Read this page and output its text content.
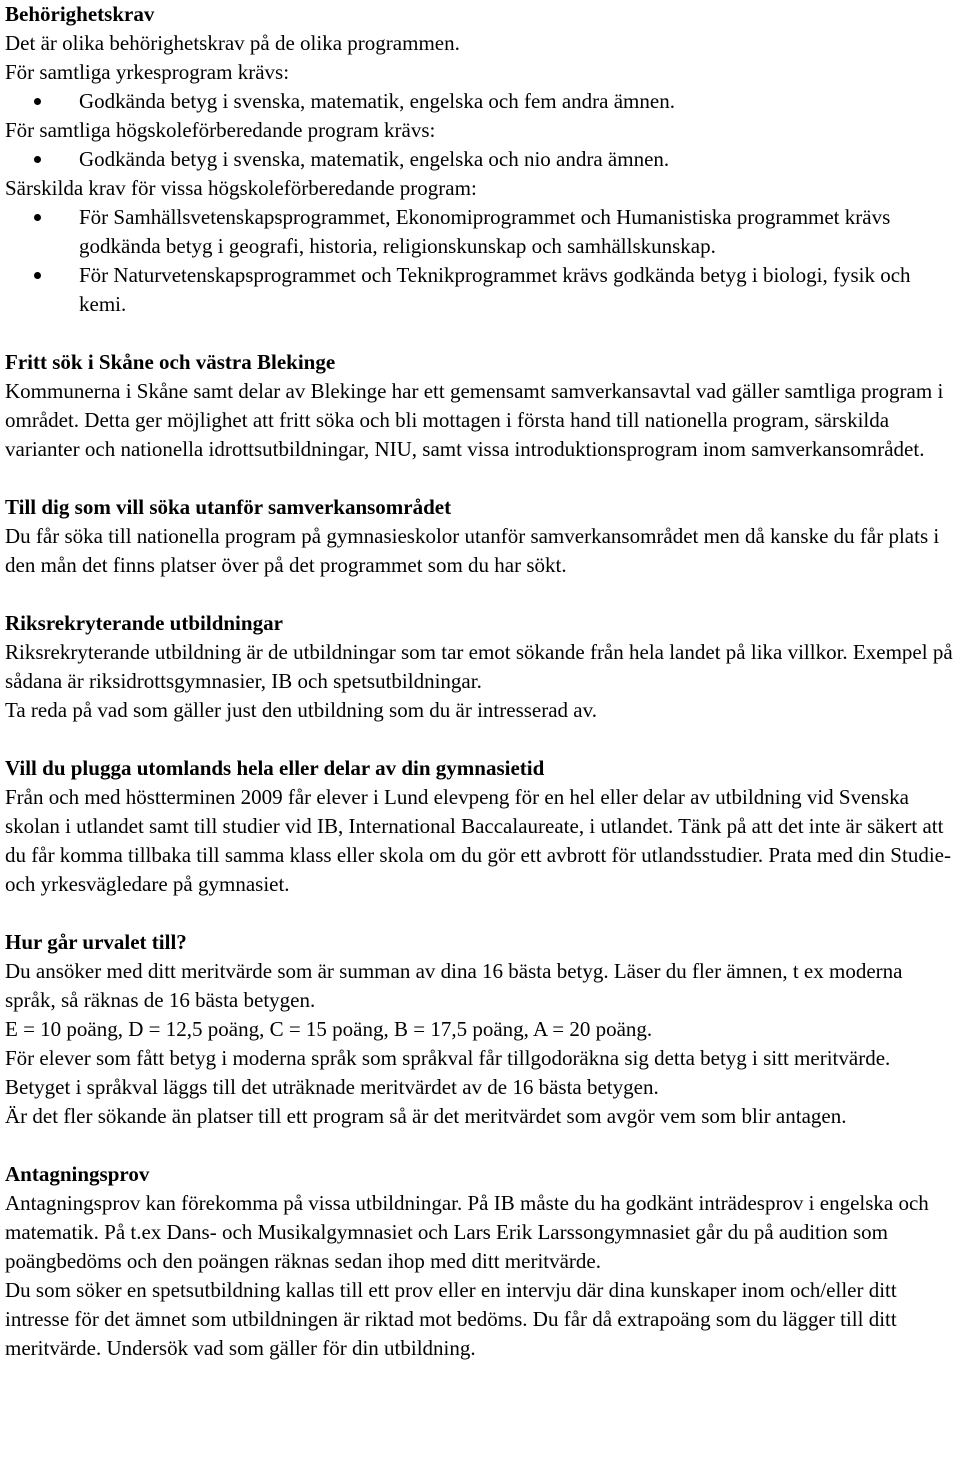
Behörighetskrav

Det är olika behörighetskrav på de olika programmen.

För samtliga yrkesprogram krävs:

Godkända betyg i svenska, matematik, engelska och fem andra ämnen.

För samtliga högskoleförberedande program krävs:

Godkända betyg i svenska, matematik, engelska och nio andra ämnen.

Särskilda krav för vissa högskoleförberedande program:

För Samhällsvetenskapsprogrammet, Ekonomiprogrammet och Humanistiska programmet krävs godkända betyg i geografi, historia, religionskunskap och samhällskunskap.
För Naturvetenskapsprogrammet och Teknikprogrammet krävs godkända betyg i biologi, fysik och kemi.

Fritt sök i Skåne och västra Blekinge

Kommunerna i Skåne samt delar av Blekinge har ett gemensamt samverkansavtal vad gäller samtliga program i området. Detta ger möjlighet att fritt söka och bli mottagen i första hand till nationella program, särskilda varianter och nationella idrottsutbildningar, NIU, samt vissa introduktionsprogram inom samverkansområdet.

Till dig som vill söka utanför samverkansområdet

Du får söka till nationella program på gymnasieskolor utanför samverkansområdet men då kanske du får plats i den mån det finns platser över på det programmet som du har sökt.

Riksrekryterande utbildningar

Riksrekryterande utbildning är de utbildningar som tar emot sökande från hela landet på lika villkor. Exempel på sådana är riksidrottsgymnasier, IB och spetsutbildningar.

Ta reda på vad som gäller just den utbildning som du är intresserad av.

Vill du plugga utomlands hela eller delar av din gymnasietid

Från och med höstterminen 2009 får elever i Lund elevpeng för en hel eller delar av utbildning vid Svenska skolan i utlandet samt till studier vid IB, International Baccalaureate, i utlandet. Tänk på att det inte är säkert att du får komma tillbaka till samma klass eller skola om du gör ett avbrott för utlandsstudier. Prata med din Studie- och yrkesvägledare på gymnasiet.

Hur går urvalet till?

Du ansöker med ditt meritvärde som är summan av dina 16 bästa betyg. Läser du fler ämnen, t ex moderna språk, så räknas de 16 bästa betygen.

E = 10 poäng, D = 12,5 poäng, C = 15 poäng, B = 17,5 poäng, A = 20 poäng.

För elever som fått betyg i moderna språk som språkval får tillgodoräkna sig detta betyg i sitt meritvärde. Betyget i språkval läggs till det uträknade meritvärdet av de 16 bästa betygen.

Är det fler sökande än platser till ett program så är det meritvärdet som avgör vem som blir antagen.

Antagningsprov

Antagningsprov kan förekomma på vissa utbildningar. På IB måste du ha godkänt inträdesprov i engelska och matematik. På t.ex Dans- och Musikalgymnasiet och Lars Erik Larssongymnasiet går du på audition som poängbedöms och den poängen räknas sedan ihop med ditt meritvärde.

Du som söker en spetsutbildning kallas till ett prov eller en intervju där dina kunskaper inom och/eller ditt intresse för det ämnet som utbildningen är riktad mot bedöms. Du får då extrapoäng som du lägger till ditt meritvärde. Undersök vad som gäller för din utbildning.
